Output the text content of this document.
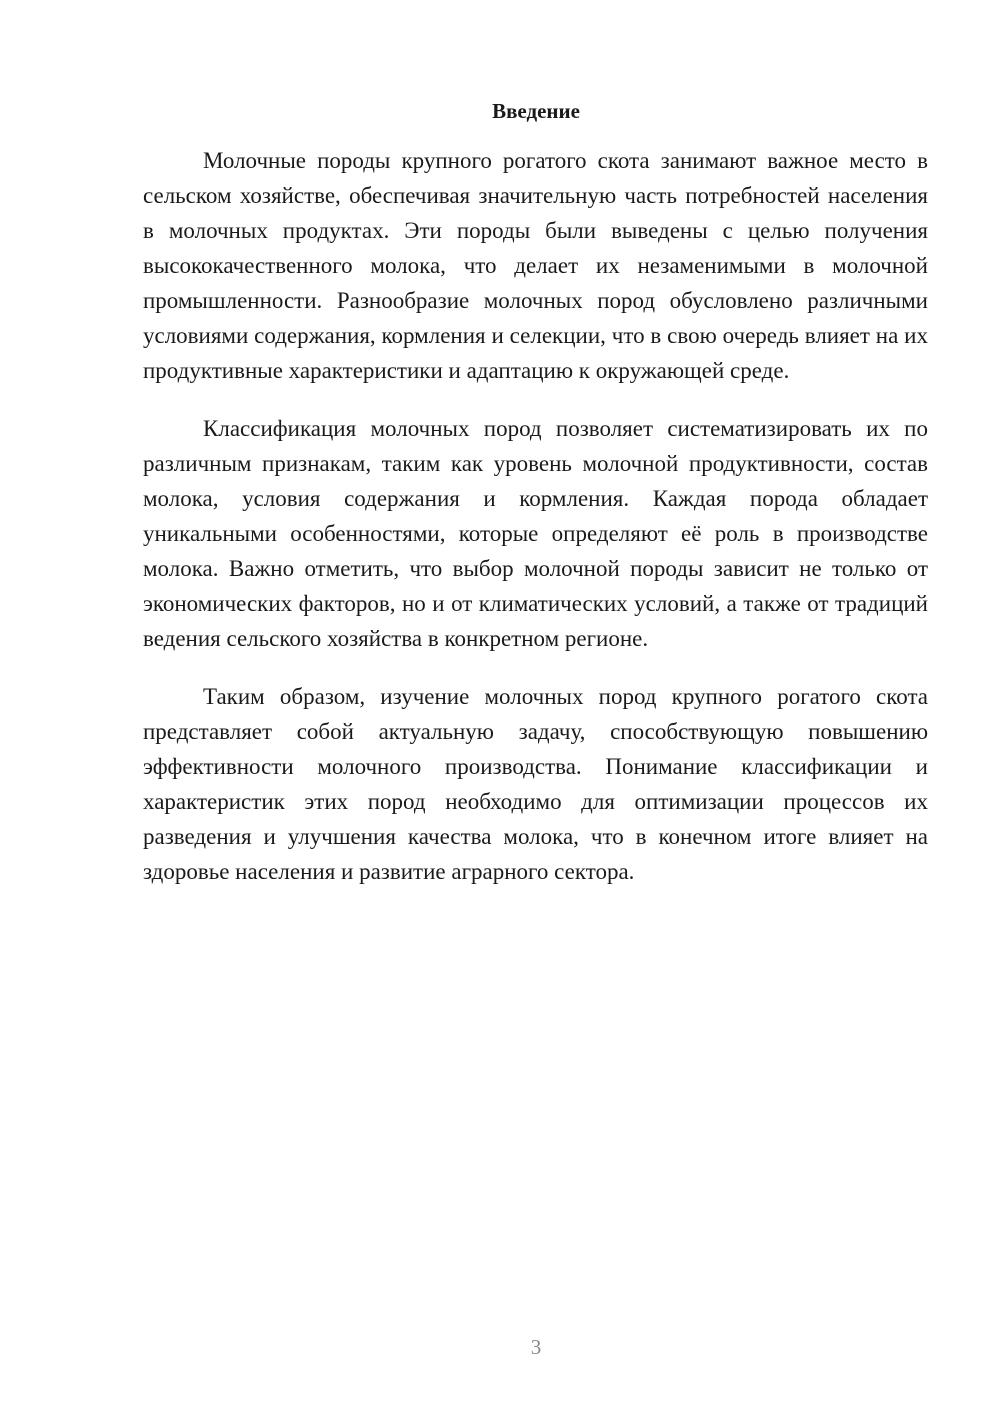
Введение

Молочные породы крупного рогатого скота занимают важное место в сельском хозяйстве, обеспечивая значительную часть потребностей населения в молочных продуктах. Эти породы были выведены с целью получения высококачественного молока, что делает их незаменимыми в молочной промышленности. Разнообразие молочных пород обусловлено различными условиями содержания, кормления и селекции, что в свою очередь влияет на их продуктивные характеристики и адаптацию к окружающей среде.

Классификация молочных пород позволяет систематизировать их по различным признакам, таким как уровень молочной продуктивности, состав молока, условия содержания и кормления. Каждая порода обладает уникальными особенностями, которые определяют её роль в производстве молока. Важно отметить, что выбор молочной породы зависит не только от экономических факторов, но и от климатических условий, а также от традиций ведения сельского хозяйства в конкретном регионе.

Таким образом, изучение молочных пород крупного рогатого скота представляет собой актуальную задачу, способствующую повышению эффективности молочного производства. Понимание классификации и характеристик этих пород необходимо для оптимизации процессов их разведения и улучшения качества молока, что в конечном итоге влияет на здоровье населения и развитие аграрного сектора.

3
